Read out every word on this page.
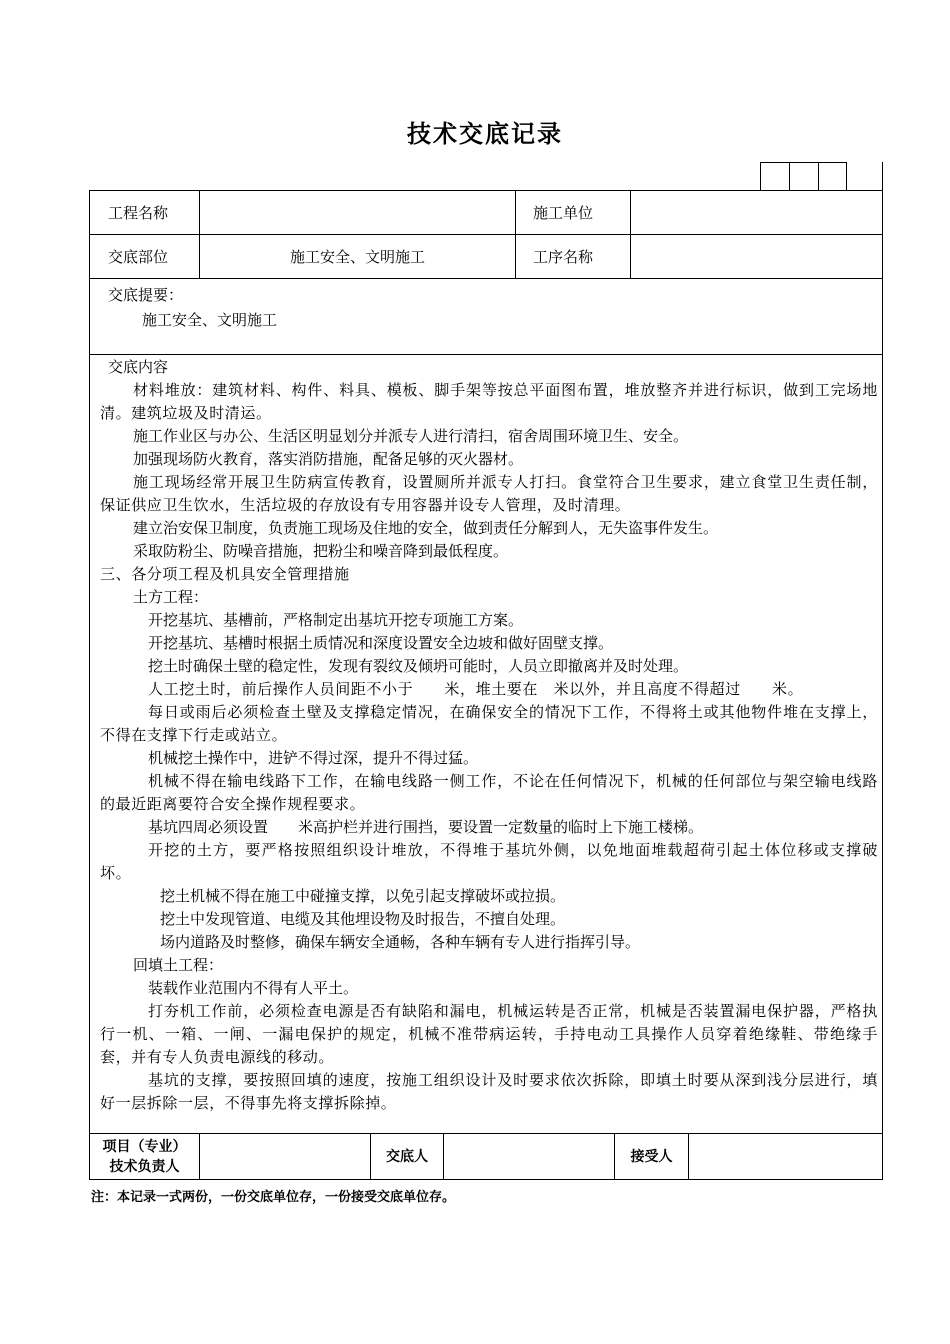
技术交底记录
工程名称	施工单位
交底部位	施工安全、文明施工	工序名称
交底提要：
施工安全、文明施工
项目（专业）
技术负责人
交底人	接受人

交底内容

材料堆放：建筑材料、构件、料具、模板、脚手架等按总平面图布置，堆放整齐并进行标识，做到工完场地清。建筑垃圾及时清运。

施工作业区与办公、生活区明显划分并派专人进行清扫，宿舍周围环境卫生、安全。

加强现场防火教育，落实消防措施，配备足够的灭火器材。

施工现场经常开展卫生防病宣传教育，设置厕所并派专人打扫。食堂符合卫生要求，建立食堂卫生责任制，保证供应卫生饮水，生活垃圾的存放设有专用容器并设专人管理，及时清理。

建立治安保卫制度，负责施工现场及住地的安全，做到责任分解到人，无失盗事件发生。

采取防粉尘、防噪音措施，把粉尘和噪音降到最低程度。

三、各分项工程及机具安全管理措施

土方工程：

开挖基坑、基槽前，严格制定出基坑开挖专项施工方案。

开挖基坑、基槽时根据土质情况和深度设置安全边坡和做好固壁支撑。

挖土时确保土壁的稳定性，发现有裂纹及倾坍可能时，人员立即撤离并及时处理。

人工挖土时，前后操作人员间距不小于　　米，堆土要在　米以外，并且高度不得超过　　米。

每日或雨后必须检查土壁及支撑稳定情况，在确保安全的情况下工作，不得将土或其他物件堆在支撑上，不得在支撑下行走或站立。

机械挖土操作中，进铲不得过深，提升不得过猛。

机械不得在输电线路下工作，在输电线路一侧工作，不论在任何情况下，机械的任何部位与架空输电线路的最近距离要符合安全操作规程要求。

基坑四周必须设置　　米高护栏并进行围挡，要设置一定数量的临时上下施工楼梯。

开挖的土方，要严格按照组织设计堆放，不得堆于基坑外侧，以免地面堆载超荷引起土体位移或支撑破坏。

挖土机械不得在施工中碰撞支撑，以免引起支撑破坏或拉损。

挖土中发现管道、电缆及其他埋设物及时报告，不擅自处理。

场内道路及时整修，确保车辆安全通畅，各种车辆有专人进行指挥引导。

回填土工程：

装载作业范围内不得有人平土。

打夯机工作前，必须检查电源是否有缺陷和漏电，机械运转是否正常，机械是否装置漏电保护器，严格执行一机、一箱、一闸、一漏电保护的规定，机械不准带病运转，手持电动工具操作人员穿着绝缘鞋、带绝缘手套，并有专人负责电源线的移动。

基坑的支撑，要按照回填的速度，按施工组织设计及时要求依次拆除，即填土时要从深到浅分层进行，填好一层拆除一层，不得事先将支撑拆除掉。

注：本记录一式两份，一份交底单位存，一份接受交底单位存。
